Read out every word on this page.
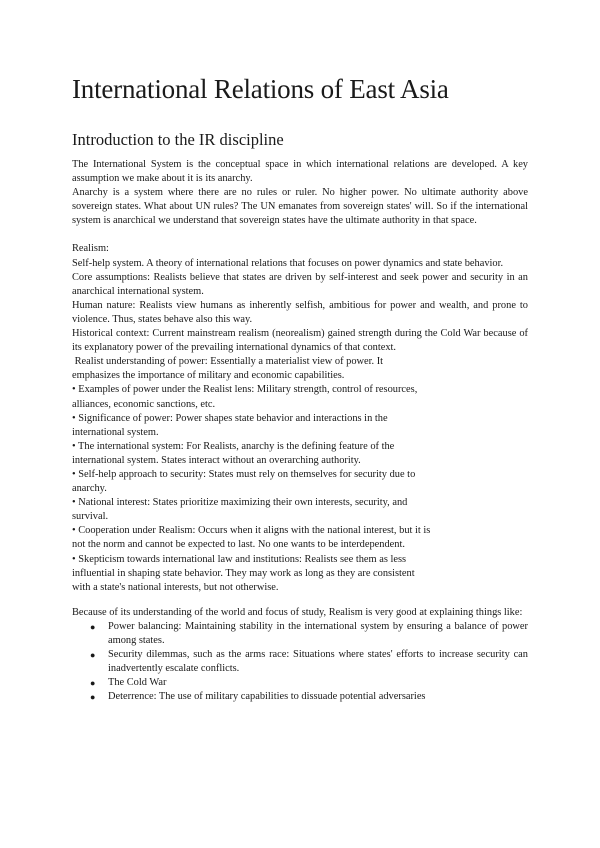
International Relations of East Asia
Introduction to the IR discipline

The International System is the conceptual space in which international relations are developed. A key assumption we make about it is its anarchy.

Anarchy is a system where there are no rules or ruler. No higher power. No ultimate authority above sovereign states. What about UN rules? The UN emanates from sovereign states' will. So if the international system is anarchical we understand that sovereign states have the ultimate authority in that space.

Realism:

Self-help system. A theory of international relations that focuses on power dynamics and state behavior.

Core assumptions: Realists believe that states are driven by self-interest and seek power and security in an anarchical international system.

Human nature: Realists view humans as inherently selfish, ambitious for power and wealth, and prone to violence. Thus, states behave also this way.

Historical context: Current mainstream realism (neorealism) gained strength during the Cold War because of its explanatory power of the prevailing international dynamics of that context.

Realist understanding of power: Essentially a materialist view of power. It

emphasizes the importance of military and economic capabilities.

• Examples of power under the Realist lens: Military strength, control of resources,

alliances, economic sanctions, etc.

• Significance of power: Power shapes state behavior and interactions in the

international system.

• The international system: For Realists, anarchy is the defining feature of the

international system. States interact without an overarching authority.

• Self-help approach to security: States must rely on themselves for security due to

anarchy.

• National interest: States prioritize maximizing their own interests, security, and

survival.

• Cooperation under Realism: Occurs when it aligns with the national interest, but it is

not the norm and cannot be expected to last. No one wants to be interdependent.

• Skepticism towards international law and institutions: Realists see them as less

influential in shaping state behavior. They may work as long as they are consistent

with a state's national interests, but not otherwise.

Because of its understanding of the world and focus of study, Realism is very good at explaining things like:

● Power balancing: Maintaining stability in the international system by ensuring a balance of power among states.
● Security dilemmas, such as the arms race: Situations where states' efforts to increase security can inadvertently escalate conflicts.
● The Cold War
● Deterrence: The use of military capabilities to dissuade potential adversaries
